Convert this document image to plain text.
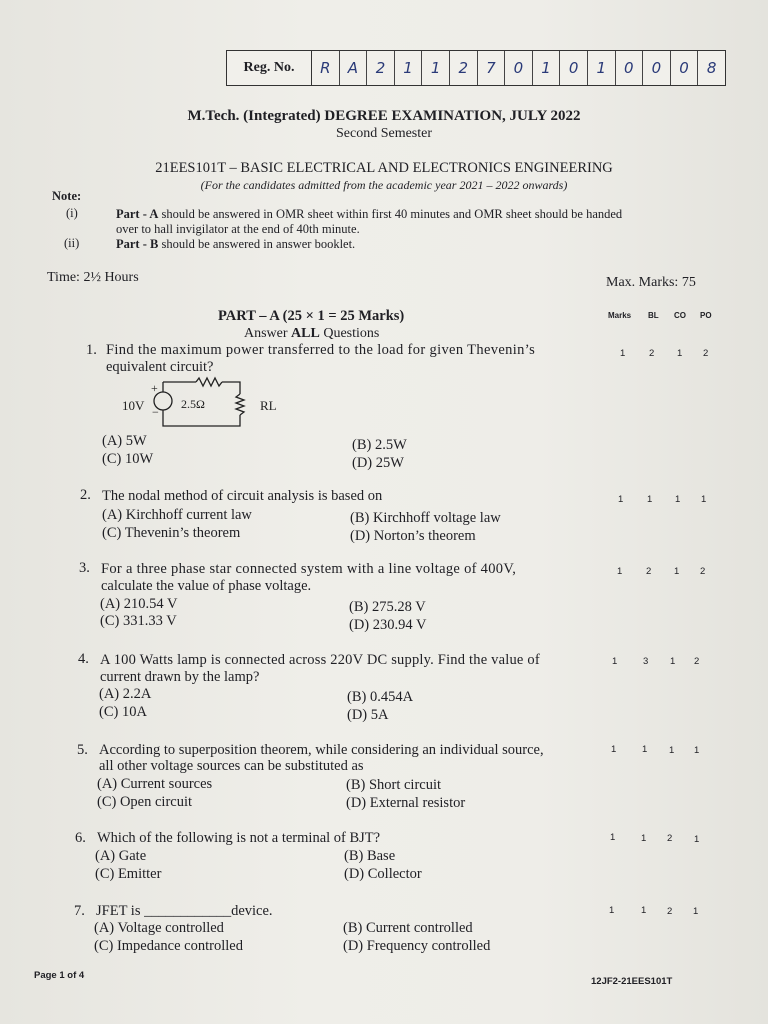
Reg. No.	R	A	2	1	1	2	7	0	1	0	1	0	0	0	8
M.Tech. (Integrated) DEGREE EXAMINATION, JULY 2022
Second Semester
21EES101T – BASIC ELECTRICAL AND ELECTRONICS ENGINEERING
(For the candidates admitted from the academic year 2021 – 2022 onwards)
Note:
(i)	Part - A should be answered in OMR sheet within first 40 minutes and OMR sheet should be handed
over to hall invigilator at the end of 40th minute.
(ii)	Part - B should be answered in answer booklet.
Time: 2½ Hours	Max. Marks: 75
PART – A (25 × 1 = 25 Marks)
Answer ALL Questions
Marks BL CO PO
1. Find the maximum power transferred to the load for given Thevenin’s
equivalent circuit?
1 2 1 2
10V
+
−
2.5Ω	RL
(A) 5W	(B) 2.5W
(C) 10W	(D) 25W
2. The nodal method of circuit analysis is based on	1 1 1 1
(A) Kirchhoff current law	(B) Kirchhoff voltage law
(C) Thevenin’s theorem	(D) Norton’s theorem
3. For a three phase star connected system with a line voltage of 400V,
calculate the value of phase voltage.
1 2 1 2
(A) 210.54 V	(B) 275.28 V
(C) 331.33 V	(D) 230.94 V
4. A 100 Watts lamp is connected across 220V DC supply. Find the value of
current drawn by the lamp?
1	3 1 2
(A) 2.2A	(B) 0.454A
(C) 10A	(D) 5A
5. According to superposition theorem, while considering an individual source,
all other voltage sources can be substituted as
1	1 1 1
(A) Current sources	(B) Short circuit
(C) Open circuit	(D) External resistor
6. Which of the following is not a terminal of BJT?	1	1 2 1
(A) Gate	(B) Base
(C) Emitter	(D) Collector
7. JFET is ____________device.	1	1 2 1
(A) Voltage controlled	(B) Current controlled
(C) Impedance controlled	(D) Frequency controlled
Page 1 of 4
12JF2-21EES101T
